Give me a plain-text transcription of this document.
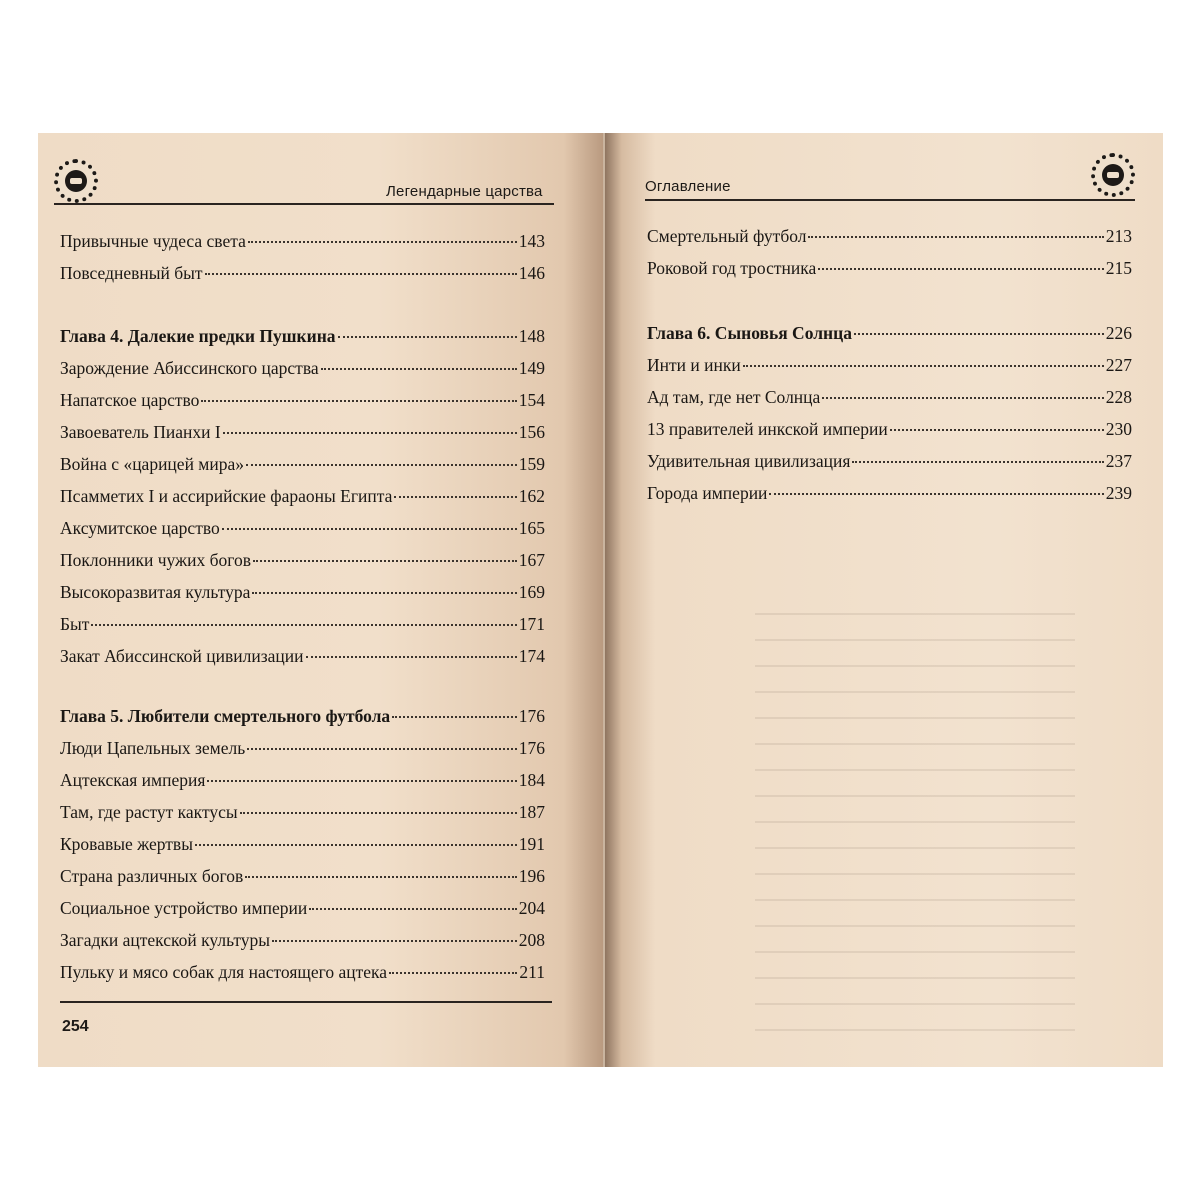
Легендарные царства
Привычные чудеса света	143
Повседневный быт	146
Глава 4. Далекие предки Пушкина	148
Зарождение Абиссинского царства	149
Напатское царство	154
Завоеватель Пианхи I	156
Война с «царицей мира»	159
Псамметих I и ассирийские фараоны Египта	162
Аксумитское царство	165
Поклонники чужих богов	167
Высокоразвитая культура	169
Быт	171
Закат Абиссинской цивилизации	174
Глава 5. Любители смертельного футбола	176
Люди Цапельных земель	176
Ацтекская империя	184
Там, где растут кактусы	187
Кровавые жертвы	191
Страна различных богов	196
Социальное устройство империи	204
Загадки ацтекской культуры	208
Пульку и мясо собак для настоящего ацтека	211
254
Оглавление
Смертельный футбол	213
Роковой год тростника	215
Глава 6. Сыновья Солнца	226
Инти и инки	227
Ад там, где нет Солнца	228
13 правителей инкской империи	230
Удивительная цивилизация	237
Города империи	239
